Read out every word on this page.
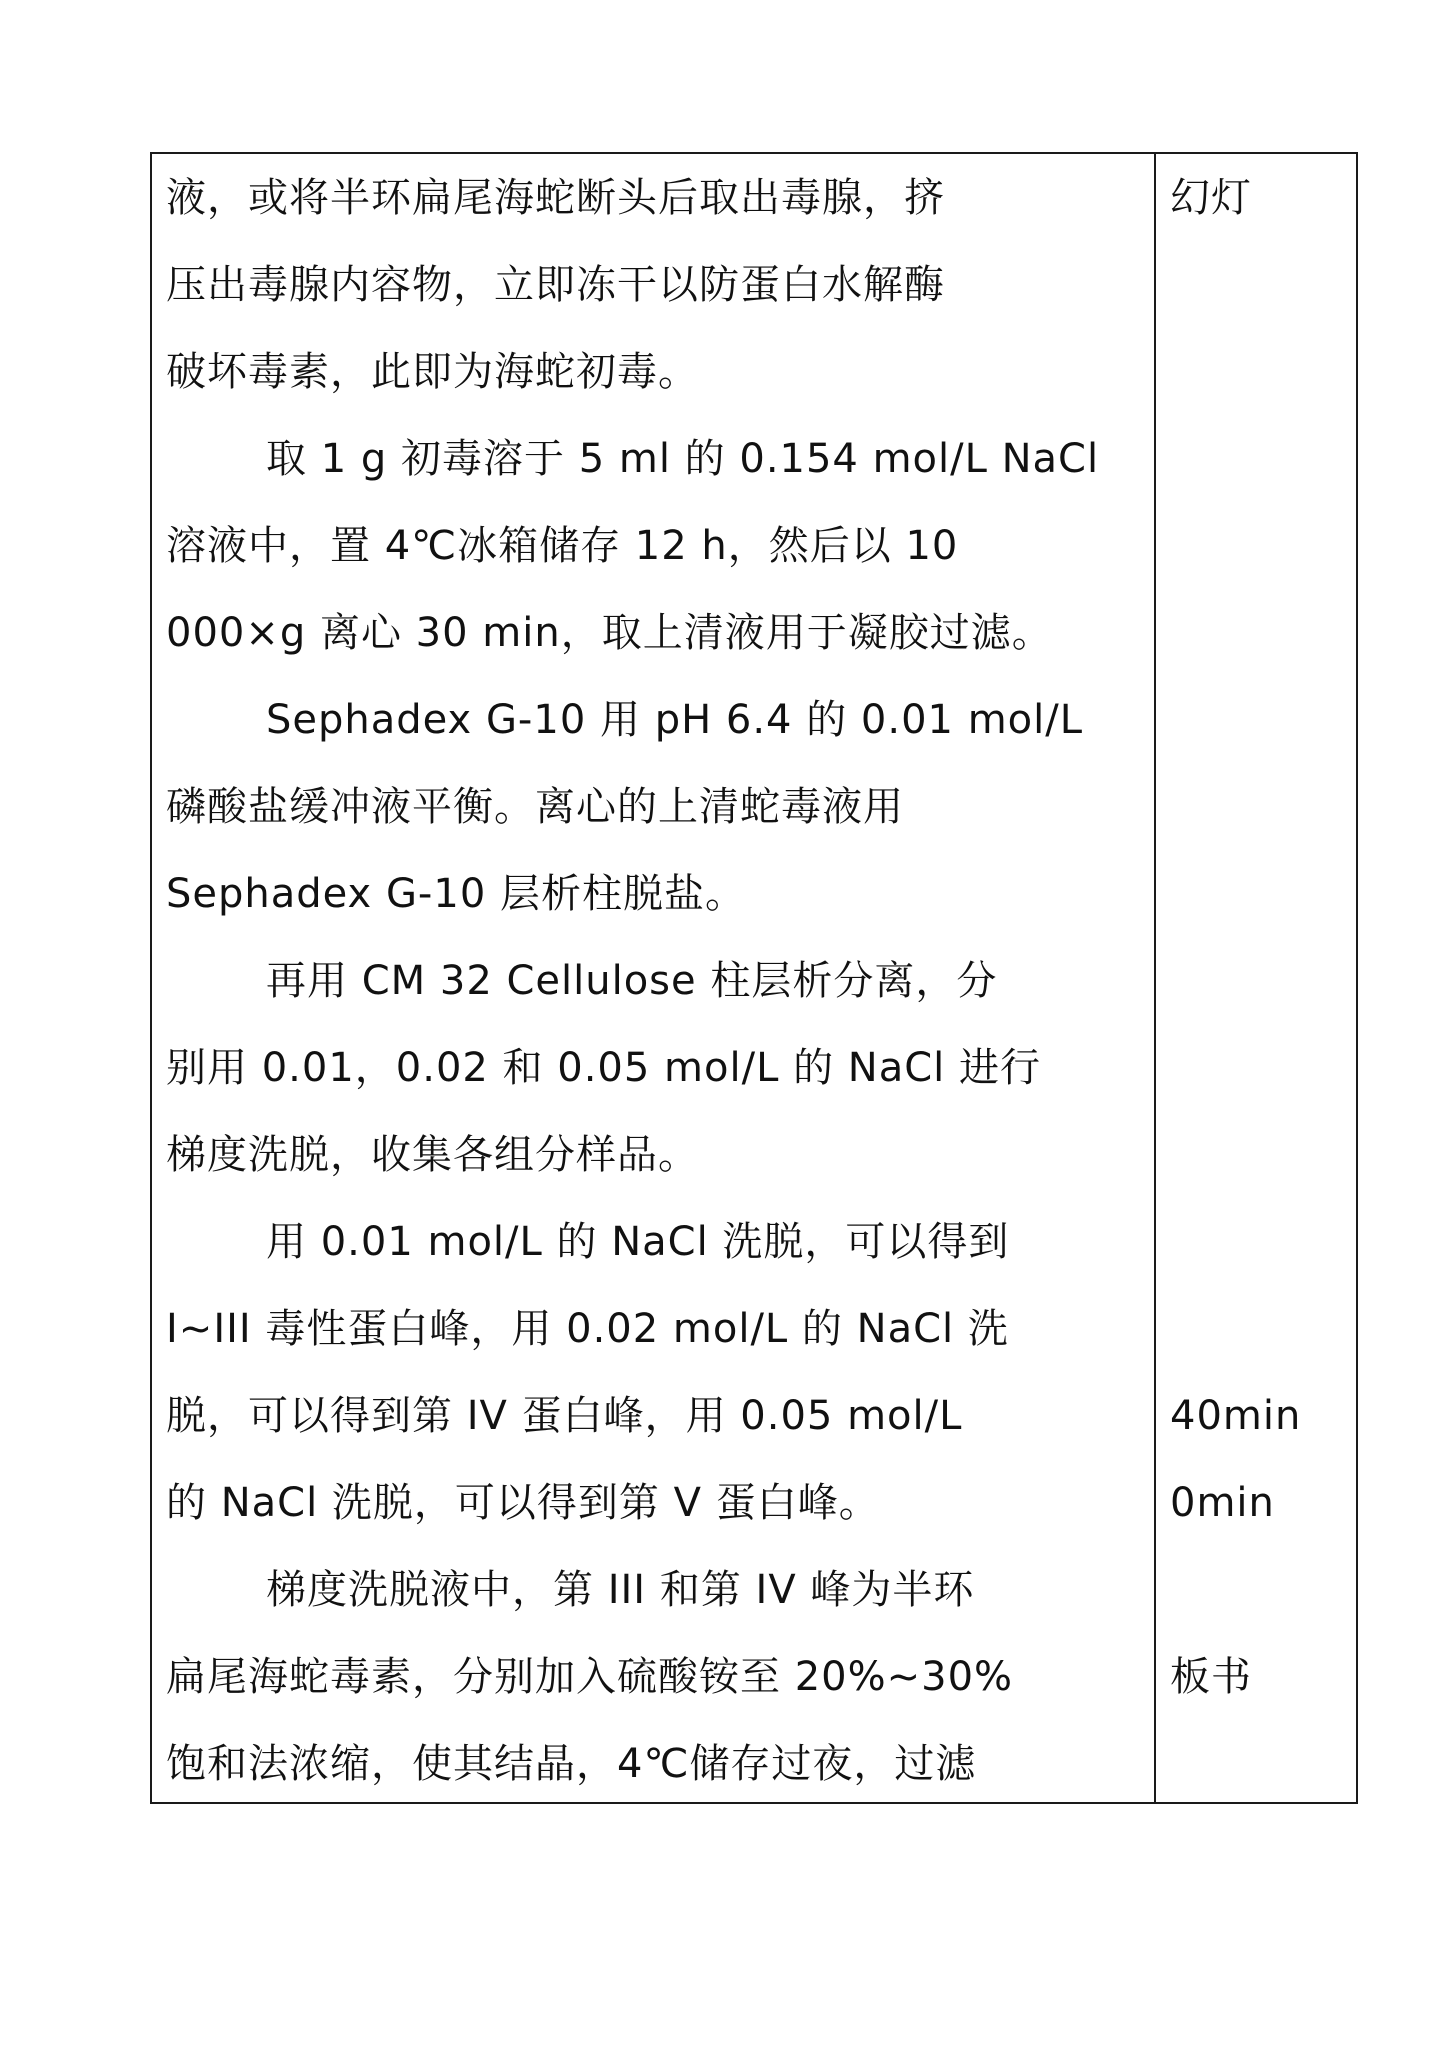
液，或将半环扁尾海蛇断头后取出毒腺，挤
压出毒腺内容物，立即冻干以防蛋白水解酶
破坏毒素，此即为海蛇初毒。
取 1 g 初毒溶于 5 ml 的 0.154 mol/L NaCl
溶液中，置 4℃冰箱储存 12 h，然后以 10
000×g 离心 30 min，取上清液用于凝胶过滤。
Sephadex G-10 用 pH 6.4 的 0.01 mol/L
磷酸盐缓冲液平衡。离心的上清蛇毒液用
Sephadex G-10 层析柱脱盐。
再用 CM 32 Cellulose 柱层析分离，分
别用 0.01，0.02 和 0.05 mol/L 的 NaCl 进行
梯度洗脱，收集各组分样品。
用 0.01 mol/L 的 NaCl 洗脱，可以得到
I~III 毒性蛋白峰，用 0.02 mol/L 的 NaCl 洗
脱，可以得到第 IV 蛋白峰，用 0.05 mol/L
的 NaCl 洗脱，可以得到第 V 蛋白峰。
梯度洗脱液中，第 III 和第 IV 峰为半环
扁尾海蛇毒素，分别加入硫酸铵至 20%~30%
饱和法浓缩，使其结晶，4℃储存过夜，过滤
幻灯
40min
0min
板书
